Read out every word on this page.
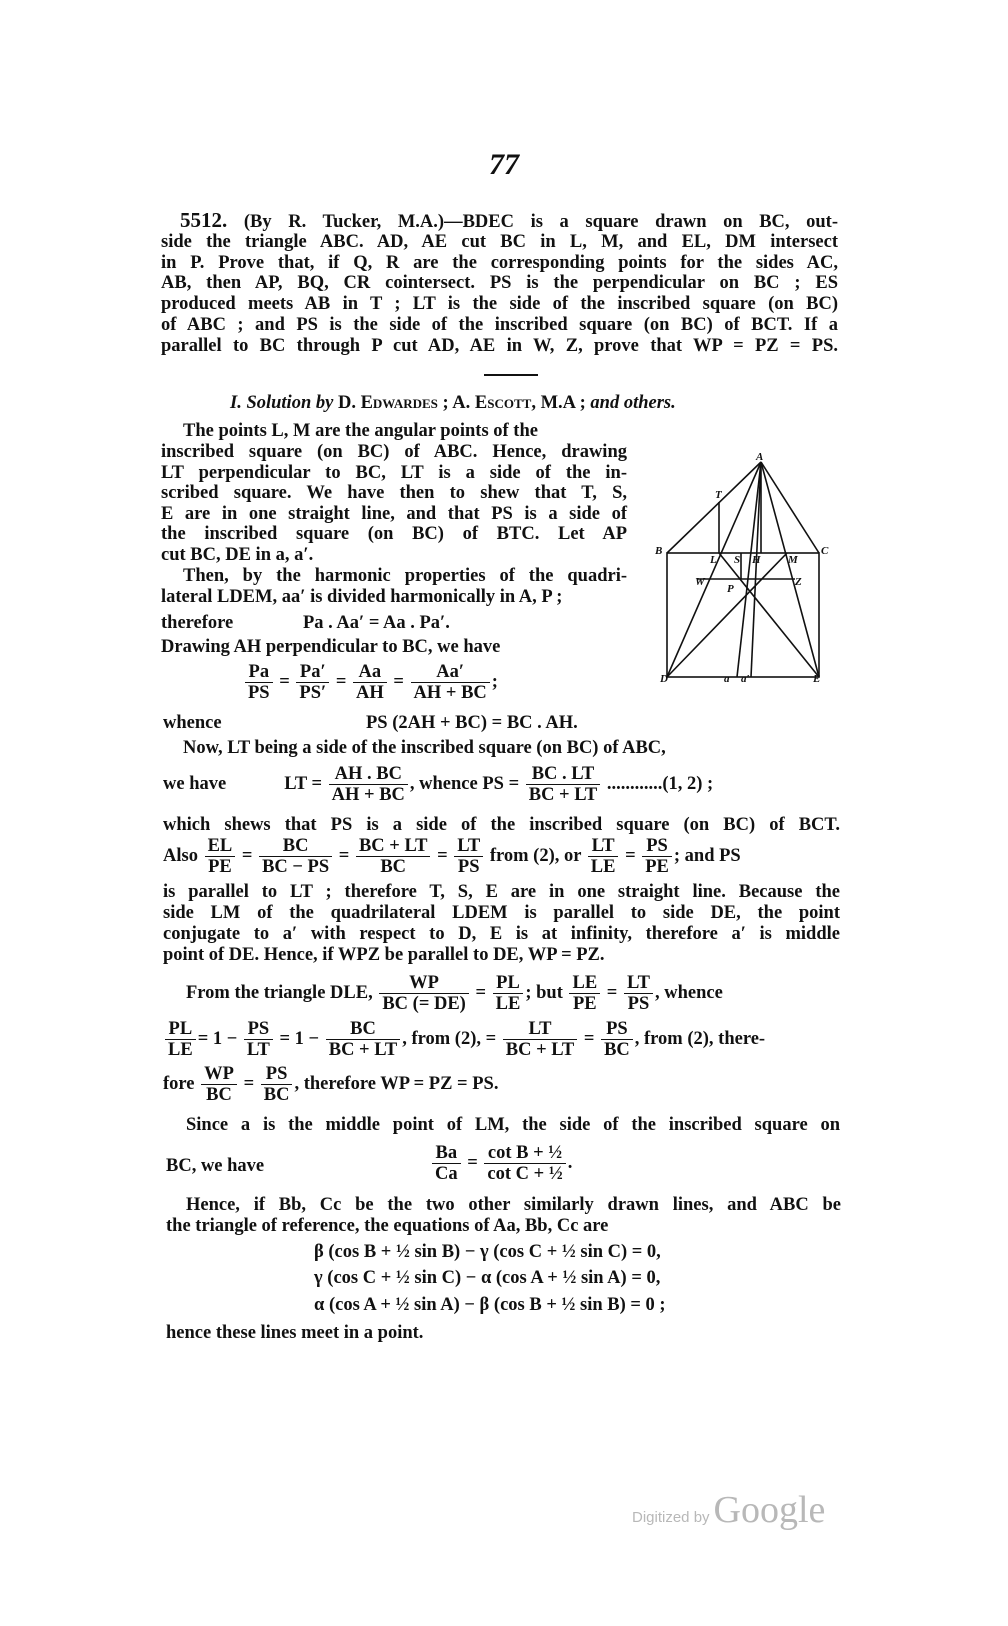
77
5512. (By R. Tucker, M.A.)—BDEC is a square drawn on BC, out-
side the triangle ABC. AD, AE cut BC in L, M, and EL, DM intersect
in P. Prove that, if Q, R are the corresponding points for the sides AC,
AB, then AP, BQ, CR cointersect. PS is the perpendicular on BC ; ES
produced meets AB in T ; LT is the side of the inscribed square (on BC)
of ABC ; and PS is the side of the inscribed square (on BC) of BCT. If a
parallel to BC through P cut AD, AE in W, Z, prove that WP = PZ = PS.
I. Solution by D. Edwardes ; A. Escott, M.A ; and others.
The points L, M are the angular points of the
inscribed square (on BC) of ABC. Hence, drawing
LT perpendicular to BC, LT is a side of the in-
scribed square. We have then to shew that T, S,
E are in one straight line, and that PS is a side of
the inscribed square (on BC) of BTC. Let AP
cut BC, DE in a, a′.
Then, by the harmonic properties of the quadri-
lateral LDEM, aa′ is divided harmonically in A, P ;
therefore	Pa . Aa′ = Aa . Pa′.
Drawing AH perpendicular to BC, we have
$\frac{Pa}{PS} = \frac{Pa'}{PS'} = \frac{Aa}{AH} = \frac{Aa'}{AH + BC}$ ;
whence	PS (2AH + BC) = BC . AH.
Now, LT being a side of the inscribed square (on BC) of ABC,
we have	LT = $\frac{AH . BC}{AH + BC}$ , whence PS = $\frac{BC . LT}{BC + LT} ............(1$, 2) ;
which shews that PS is a side of the inscribed square (on BC) of BCT.
Also $\frac{EL}{PE} = \frac{BC}{BC - PS} = \frac{BC + LT}{BC} = \frac{LT}{PS}$ from (2), or $\frac{LT}{LE} = \frac{PS}{PE}$ ; and PS
is parallel to LT ; therefore T, S, E are in one straight line. Because the
side LM of the quadrilateral LDEM is parallel to side DE, the point
conjugate to a′ with respect to D, E is at infinity, therefore a′ is middle
point of DE. Hence, if WPZ be parallel to DE, WP = PZ.
From the triangle DLE, $\frac{WP}{BC (= DE)} = \frac{PL}{LE}$ ; but $\frac{LE}{PE} = \frac{LT}{PS}$ , whence
$\frac{PL}{LE} = 1 - \frac{PS}{LT} = 1 - \frac{BC}{BC + LT}$ , from (2), = $\frac{LT}{BC + LT} = \frac{PS}{BC}$ , from (2), there-
fore $\frac{WP}{BC} = \frac{PS}{BC}$ , therefore WP = PZ = PS.
Since a is the middle point of LM, the side of the inscribed square on
BC, we have	$\frac{Ba}{Ca} = \frac{\text{cot B + ½}}{\text{cot C + ½}}$ .
Hence, if Bb, Cc be the two other similarly drawn lines, and ABC be
the triangle of reference, the equations of Aa, Bb, Cc are
β (cos B + ½ sin B) − γ (cos C + ½ sin C) = 0,
γ (cos C + ½ sin C) − α (cos A + ½ sin A) = 0,
α (cos A + ½ sin A) − β (cos B + ½ sin B) = 0 ;
hence these lines meet in a point.
A
B	C
D	E
L	M
S H
T
W	Z
P
a a′
Digitized by Google
